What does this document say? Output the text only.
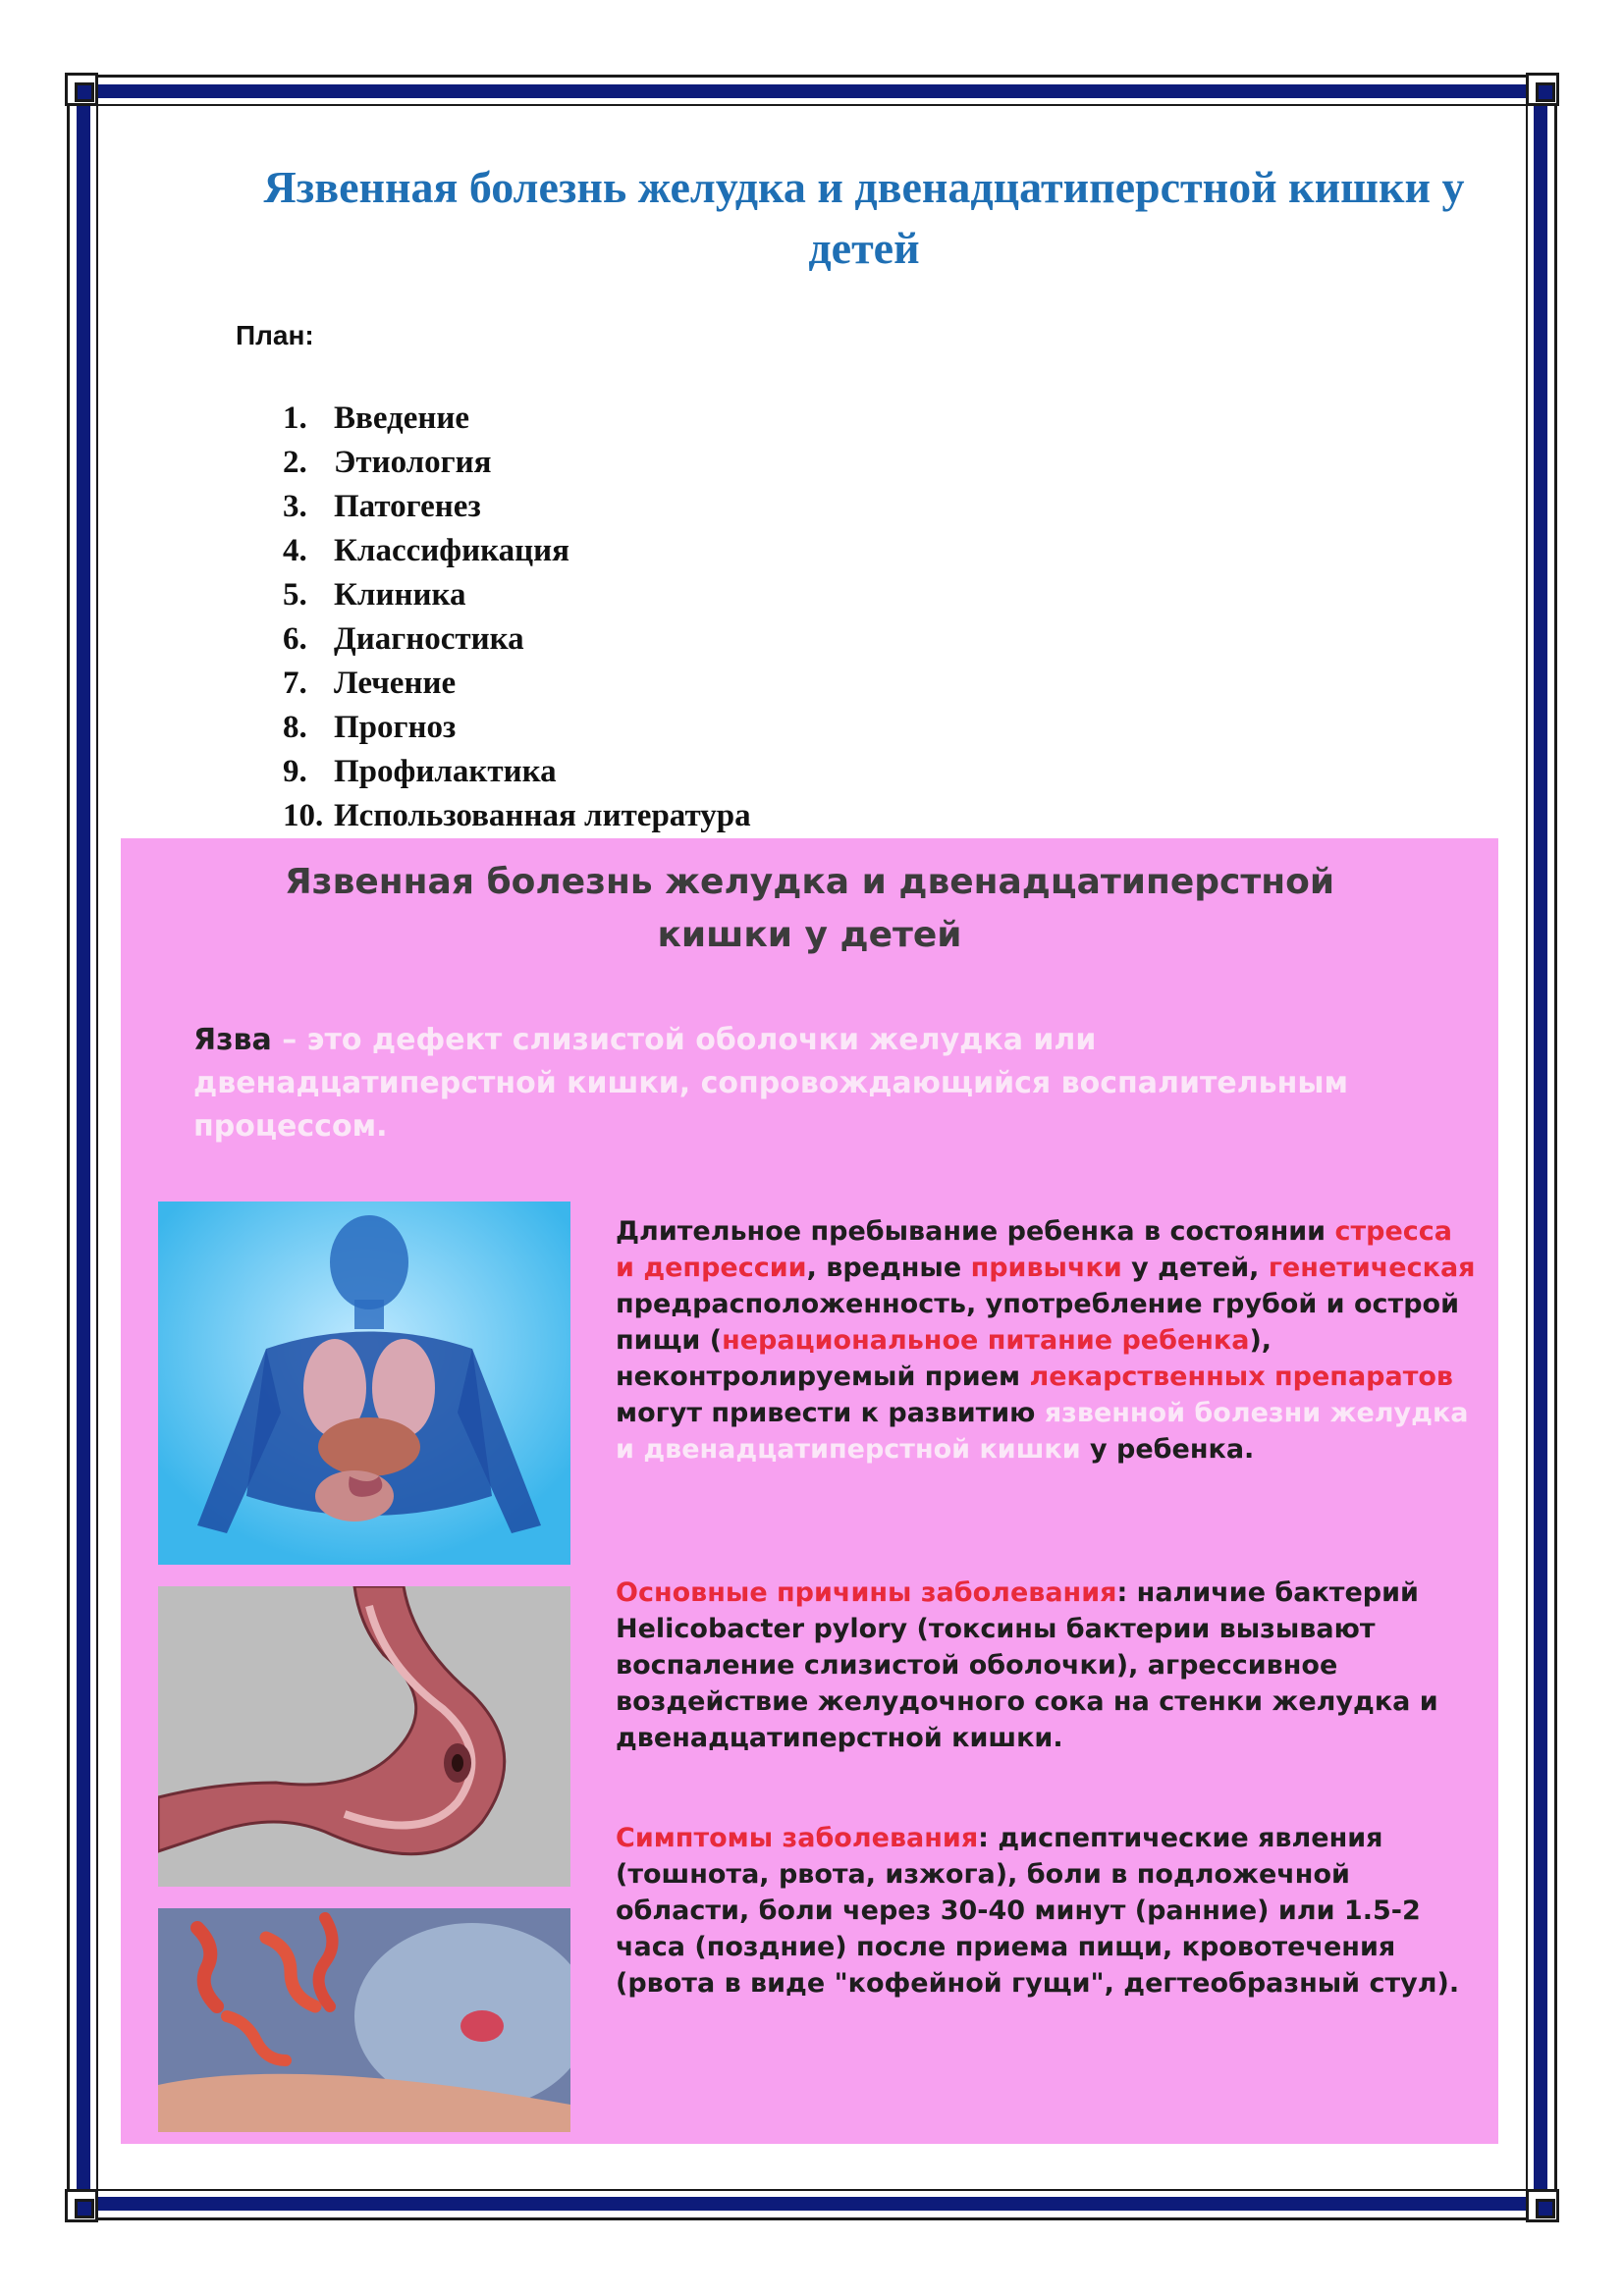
Язвенная болезнь желудка и двенадцатиперстной кишки у детей
План:
1. Введение
2. Этиология
3. Патогенез
4. Классификация
5. Клиника
6. Диагностика
7. Лечение
8. Прогноз
9. Профилактика
10. Использованная литература
Язвенная болезнь желудка и двенадцатиперстной
кишки у детей
Язва – это дефект слизистой оболочки желудка или двенадцатиперстной кишки, сопровождающийся воспалительным процессом.
Длительное пребывание ребенка в состоянии стресса и депрессии, вредные привычки у детей, генетическая предрасположенность, употребление грубой и острой пищи (нерациональное питание ребенка), неконтролируемый прием лекарственных препаратов могут привести к развитию язвенной болезни желудка и двенадцатиперстной кишки у ребенка.
Основные причины заболевания: наличие бактерий Helicobacter pylory (токсины бактерии вызывают воспаление слизистой оболочки), агрессивное воздействие желудочного сока на стенки желудка и двенадцатиперстной кишки.
Симптомы заболевания: диспептические явления (тошнота, рвота, изжога), боли в подложечной области, боли через 30-40 минут (ранние) или 1.5-2 часа (поздние) после приема пищи, кровотечения (рвота в виде "кофейной гущи", дегтеобразный стул).
